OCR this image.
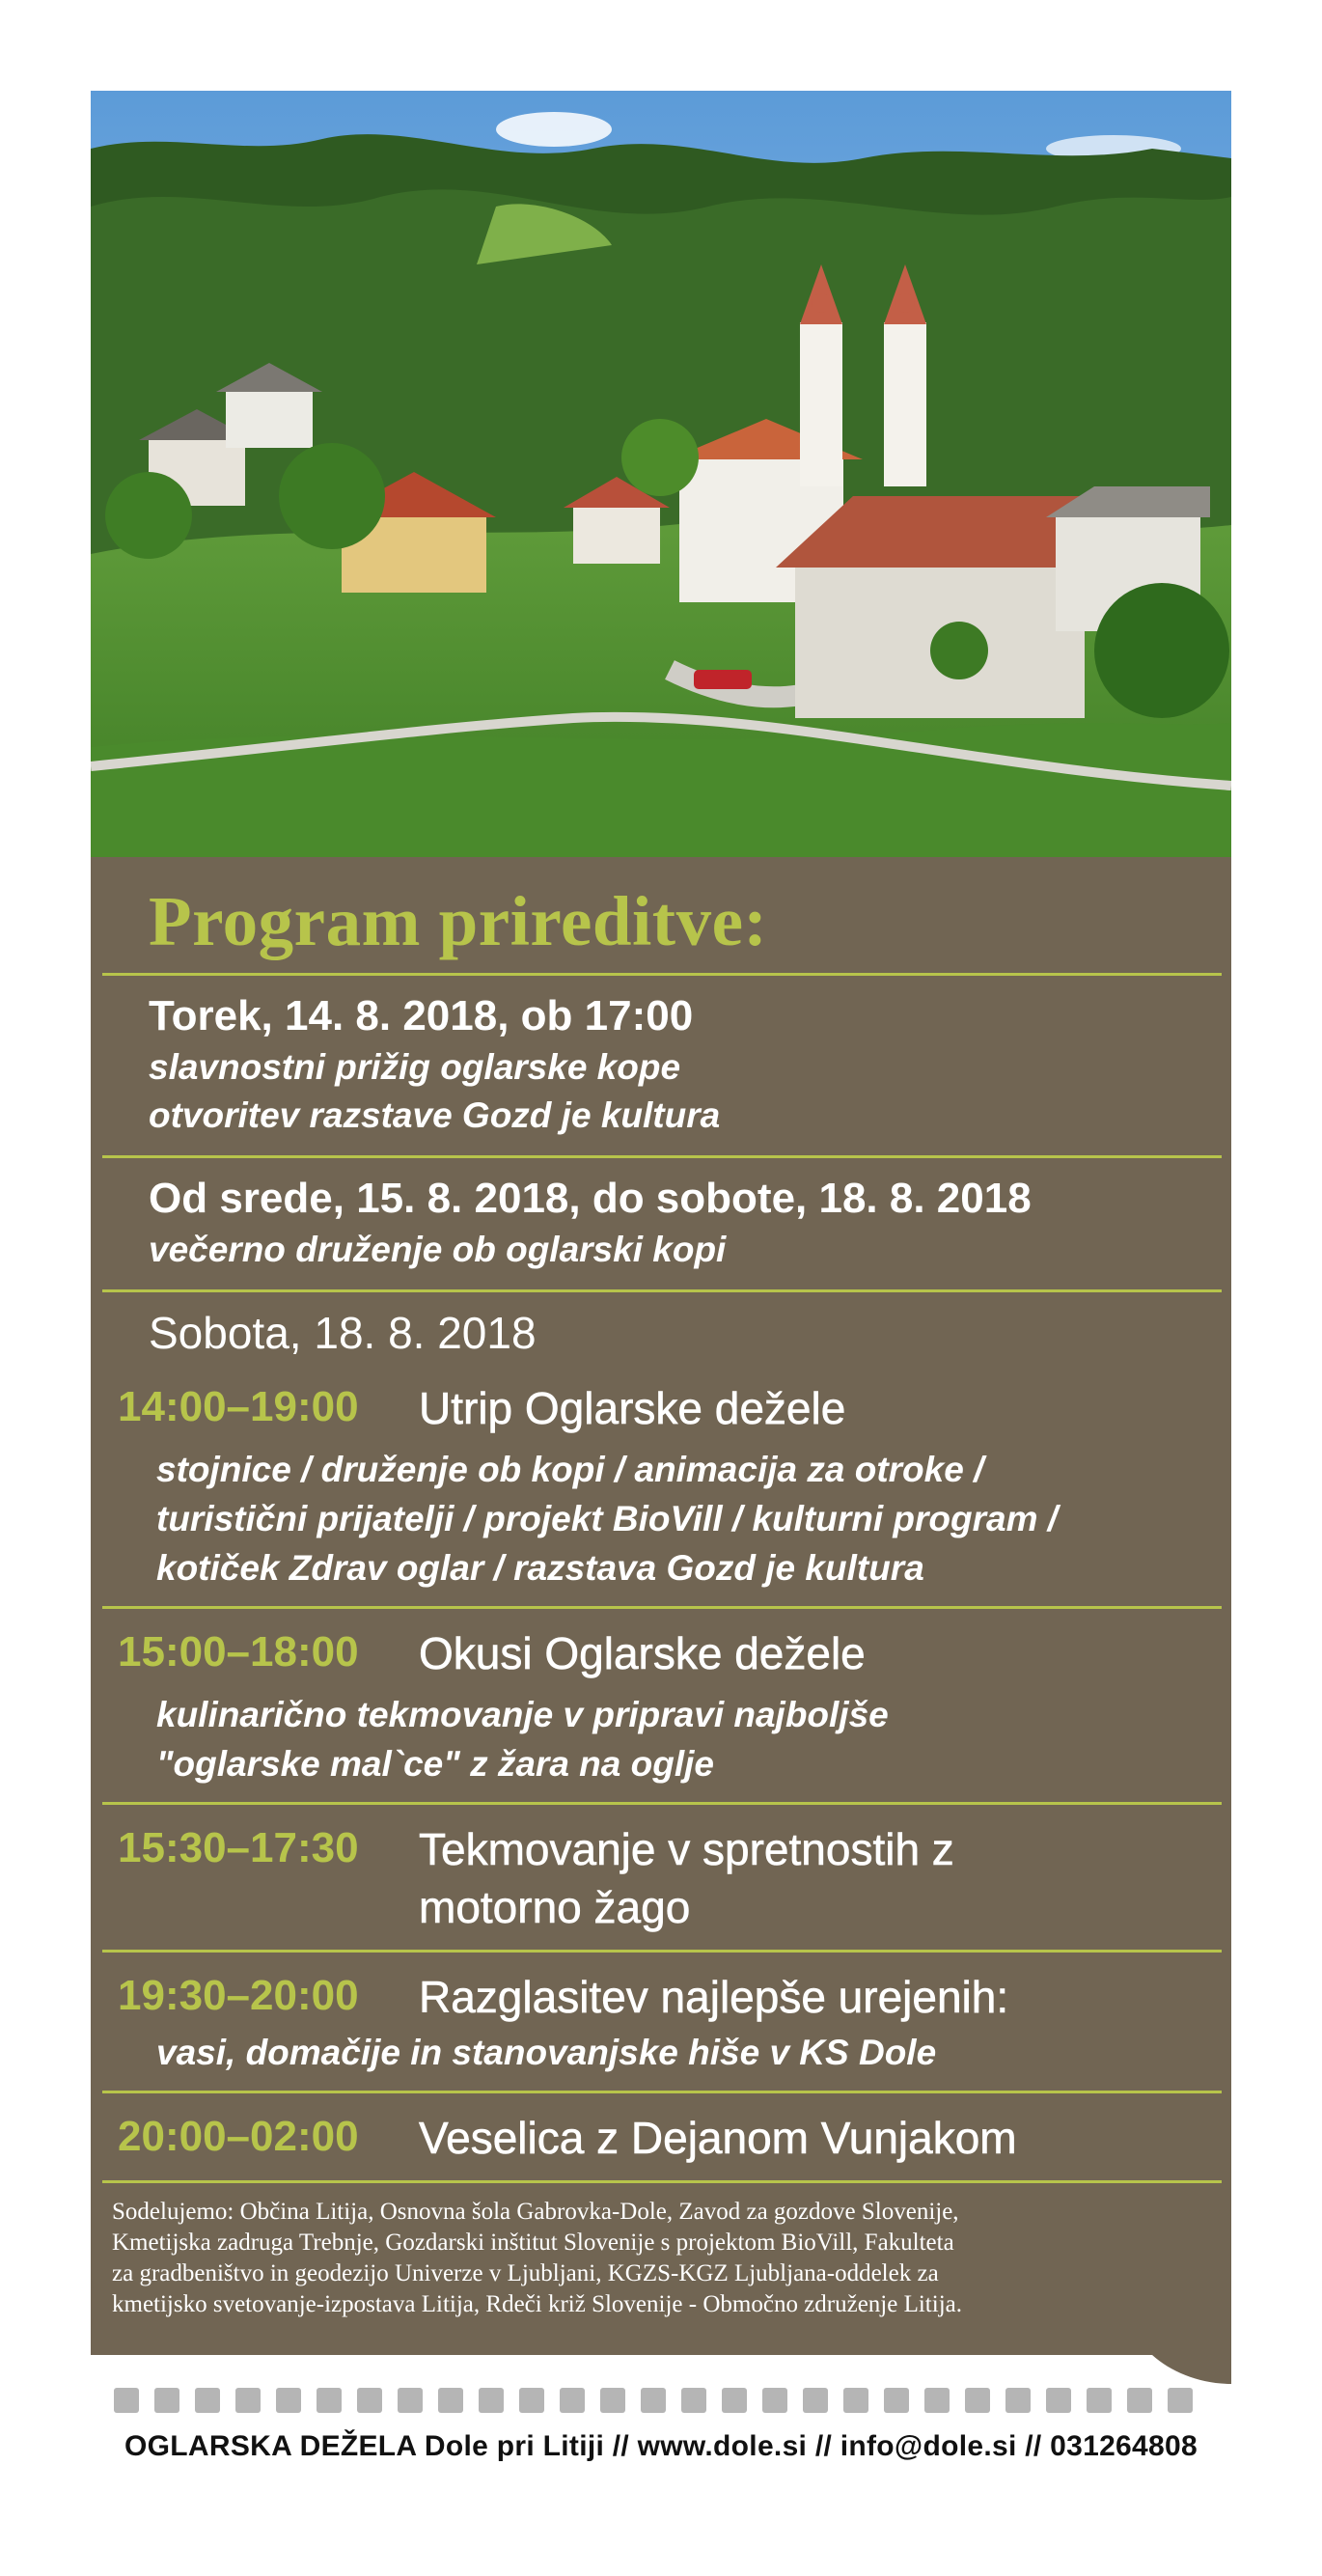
Program prireditve:
Torek, 14. 8. 2018, ob 17:00
slavnostni prižig oglarske kope
otvoritev razstave Gozd je kultura
Od srede, 15. 8. 2018, do sobote, 18. 8. 2018
večerno druženje ob oglarski kopi
Sobota, 18. 8. 2018
14:00–19:00	Utrip Oglarske dežele
stojnice / druženje ob kopi / animacija za otroke /
turistični prijatelji / projekt BioVill / kulturni program /
kotiček Zdrav oglar / razstava Gozd je kultura
15:00–18:00	Okusi Oglarske dežele
kulinarično tekmovanje v pripravi najboljše
"oglarske mal`ce" z žara na oglje
15:30–17:30	Tekmovanje v spretnostih z
motorno žago
19:30–20:00	Razglasitev najlepše urejenih:
vasi, domačije in stanovanjske hiše v KS Dole
20:00–02:00	Veselica z Dejanom Vunjakom
Sodelujemo: Občina Litija, Osnovna šola Gabrovka-Dole, Zavod za gozdove Slovenije,
Kmetijska zadruga Trebnje, Gozdarski inštitut Slovenije s projektom BioVill, Fakulteta
za gradbeništvo in geodezijo Univerze v Ljubljani, KGZS-KGZ Ljubljana-oddelek za
kmetijsko svetovanje-izpostava Litija, Rdeči križ Slovenije - Območno združenje Litija.
OGLARSKA DEŽELA Dole pri Litiji // www.dole.si // info@dole.si // 031264808
